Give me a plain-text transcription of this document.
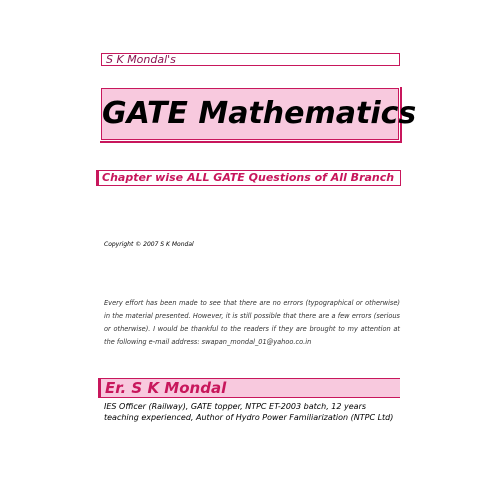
S K Mondal's
GATE Mathematics
Chapter wise ALL GATE Questions of All Branch
Copyright © 2007 S K Mondal
Every effort has been made to see that there are no errors (typographical or otherwise) in the material presented. However, it is still possible that there are a few errors (serious or otherwise). I would be thankful to the readers if they are brought to my attention at the following e-mail address: swapan_mondal_01@yahoo.co.in
Er. S K Mondal
IES Officer (Railway), GATE topper, NTPC ET-2003 batch, 12 years teaching experienced, Author of Hydro Power Familiarization (NTPC Ltd)
